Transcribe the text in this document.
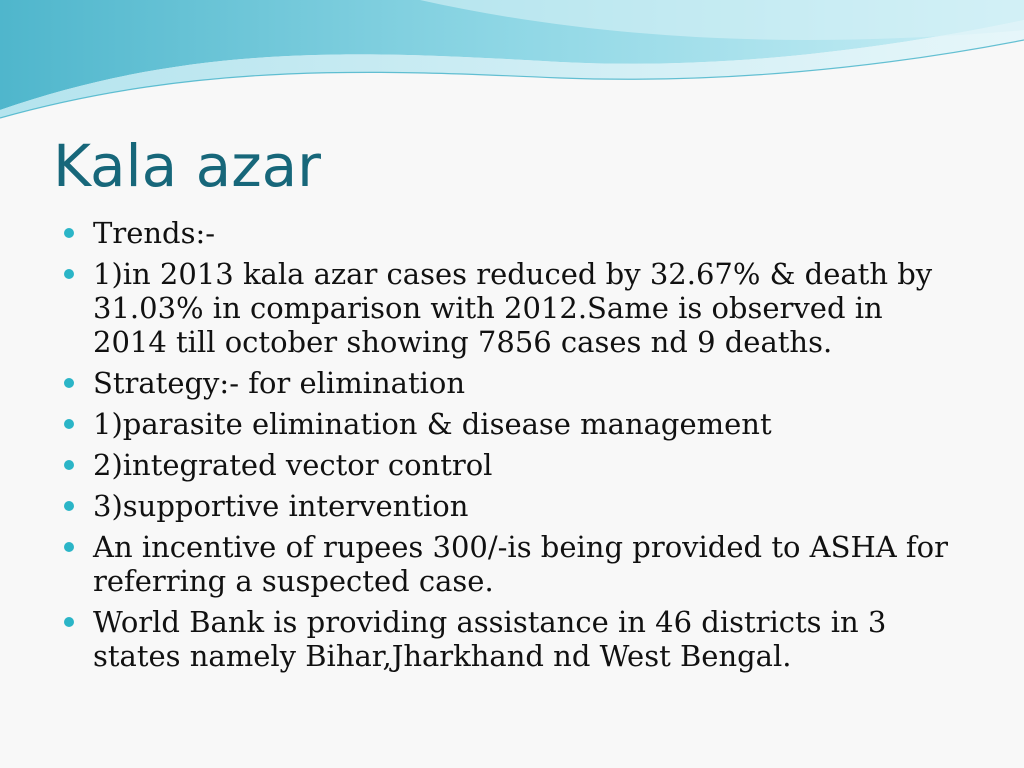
Kala azar
Trends:-
1)in 2013 kala azar cases reduced by 32.67% & death by 31.03% in comparison with 2012.Same is observed in 2014 till october showing 7856 cases nd 9 deaths.
Strategy:- for elimination
1)parasite elimination & disease management
2)integrated vector control
3)supportive intervention
An incentive of rupees 300/-is being provided to ASHA for referring a suspected case.
World Bank is providing assistance in 46 districts in 3 states namely Bihar,Jharkhand nd West Bengal.
